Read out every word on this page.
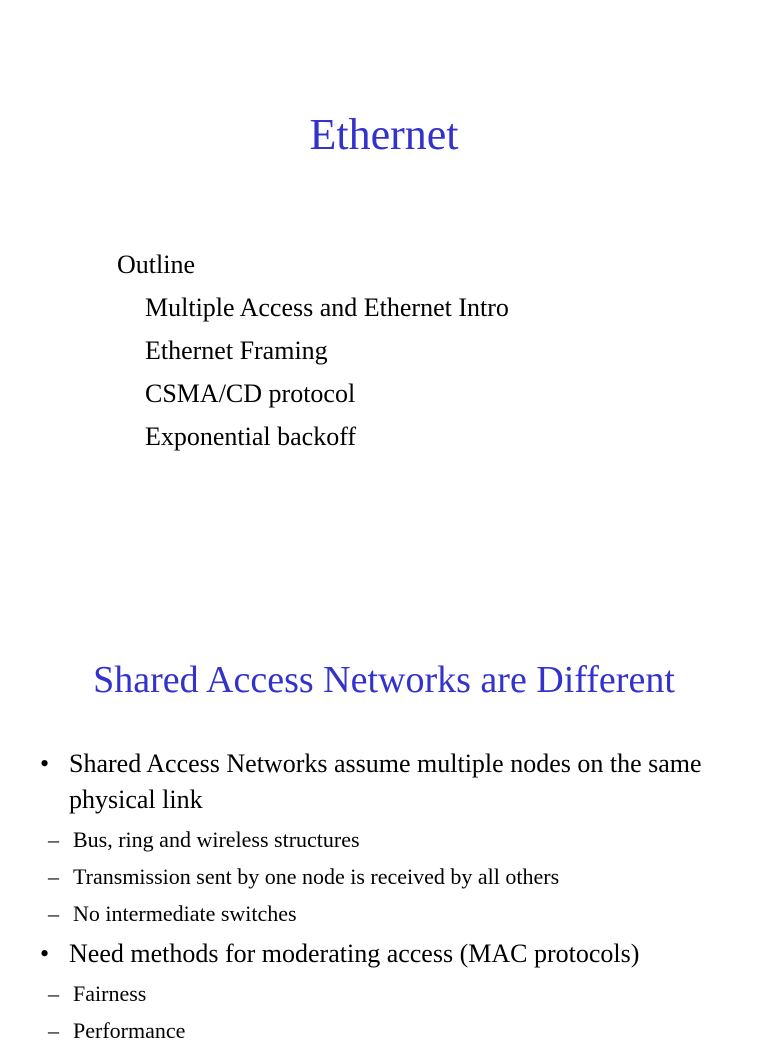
Ethernet
Outline
Multiple Access and Ethernet Intro
Ethernet Framing
CSMA/CD protocol
Exponential backoff
Shared Access Networks are Different
• Shared Access Networks assume multiple nodes on the same physical link
– Bus, ring and wireless structures
– Transmission sent by one node is received by all others
– No intermediate switches
• Need methods for moderating access (MAC protocols)
– Fairness
– Performance
